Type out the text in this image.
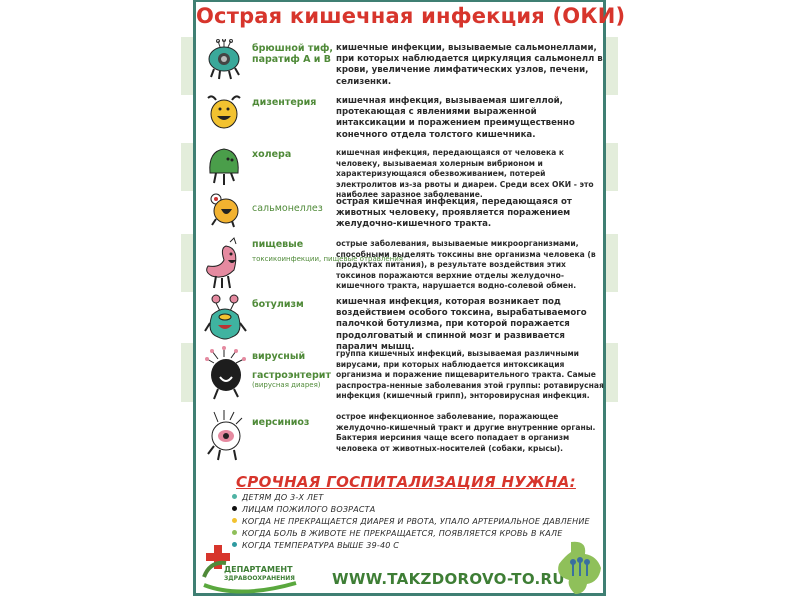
Острая кишечная инфекция (ОКИ)
брюшной тиф,
паратиф А и В
кишечные инфекции, вызываемые сальмонеллами, при которых наблюдается циркуляция сальмонелл в крови, увеличение лимфатических узлов, печени, селизенки.
дизентерия кишечная инфекция, вызываемая шигеллой, протекающая с явлениями выраженной интаксикации и поражением преимущественно конечного отдела толстого кишечника.
холера	кишечная инфекция, передающаяся от человека к человеку, вызываемая холерным вибрионом и характеризующаяся обезвоживанием, потерей электролитов из-за рвоты и диареи. Среди всех ОКИ - это наиболее заразное заболевание.
сальмонеллез
острая кишечная инфекция, передающаяся от животных человеку, проявляется поражением желудочно-кишечного тракта.
пищевые
токсикоинфекции, пищевые отравления
острые заболевания, вызываемые микроорганизмами, способными выделять токсины вне организма человека (в продуктах питания), в результате воздействия этих токсинов поражаются верхние отделы желудочно-кишечного тракта, нарушается водно-солевой обмен.
ботулизм	кишечная инфекция, которая возникает под воздействием особого токсина, вырабатываемого палочкой ботулизма, при которой поражается продолговатый и спинной мозг и развивается паралич мышц.
вирусный
гастроэнтерит
(вирусная диарея)
группа кишечных инфекций, вызываемая различными вирусами, при которых наблюдается интоксикация организма и поражение пищеварительного тракта. Самые распростра-ненные заболевания этой группы: ротавирусная инфекция (кишечный грипп), энторовирусная инфекция.
иерсиниоз
острое инфекционное заболевание, поражающее желудочно-кишечный тракт и другие внутренние органы. Бактерия иерсиния чаще всего попадает в организм человека от животных-носителей (собаки, крысы).
СРОЧНАЯ ГОСПИТАЛИЗАЦИЯ НУЖНА:
ДЕТЯМ ДО 3-Х ЛЕТ
ЛИЦАМ ПОЖИЛОГО ВОЗРАСТА
КОГДА НЕ ПРЕКРАЩАЕТСЯ ДИАРЕЯ И РВОТА, УПАЛО АРТЕРИАЛЬНОЕ ДАВЛЕНИЕ
КОГДА БОЛЬ В ЖИВОТЕ НЕ ПРЕКРАЩАЕТСЯ, ПОЯВЛЯЕТСЯ КРОВЬ В КАЛЕ
КОГДА ТЕМПЕРАТУРА ВЫШЕ 39-40 С
ДЕПАРТАМЕНТ
ЗДРАВООХРАНЕНИЯ WWW.TAKZDOROVO-TO.RU
